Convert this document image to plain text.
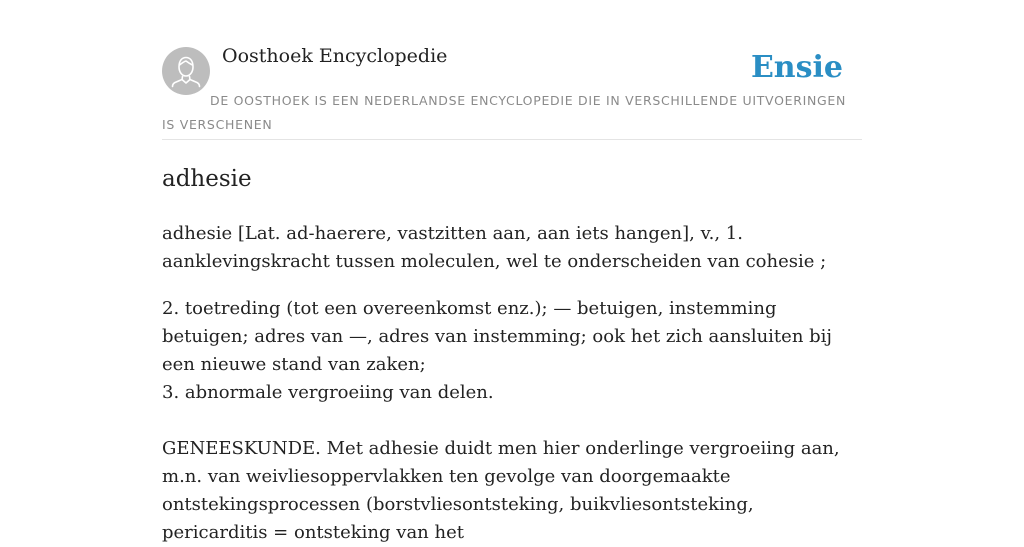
Oosthoek Encyclopedie	Ensie
DE OOSTHOEK IS EEN NEDERLANDSE ENCYCLOPEDIE DIE IN VERSCHILLENDE UITVOERINGEN IS VERSCHENEN
adhesie

adhesie [Lat. ad-haerere, vastzitten aan, aan iets hangen], v., 1. aanklevingskracht tussen moleculen, wel te onderscheiden van cohesie ;

2. toetreding (tot een overeenkomst enz.); — betuigen, instemming betuigen; adres van —, adres van instemming; ook het zich aansluiten bij een nieuwe stand van zaken;

3. abnormale vergroeiing van delen.

GENEESKUNDE. Met adhesie duidt men hier onderlinge vergroeiing aan, m.n. van weivliesoppervlakken ten gevolge van doorgemaakte ontstekingsprocessen (borstvliesontsteking, buikvliesontsteking, pericarditis = ontsteking van het
